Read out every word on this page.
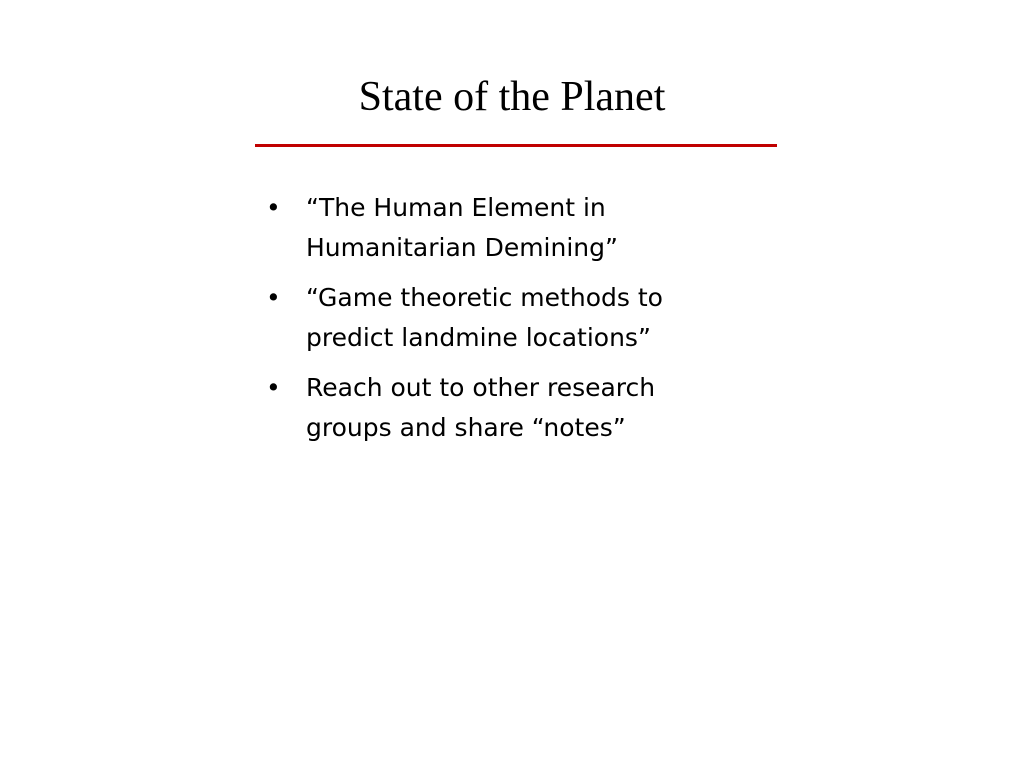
State of the Planet
• “The Human Element in Humanitarian Demining”
• “Game theoretic methods to predict landmine locations”
• Reach out to other research groups and share “notes”
